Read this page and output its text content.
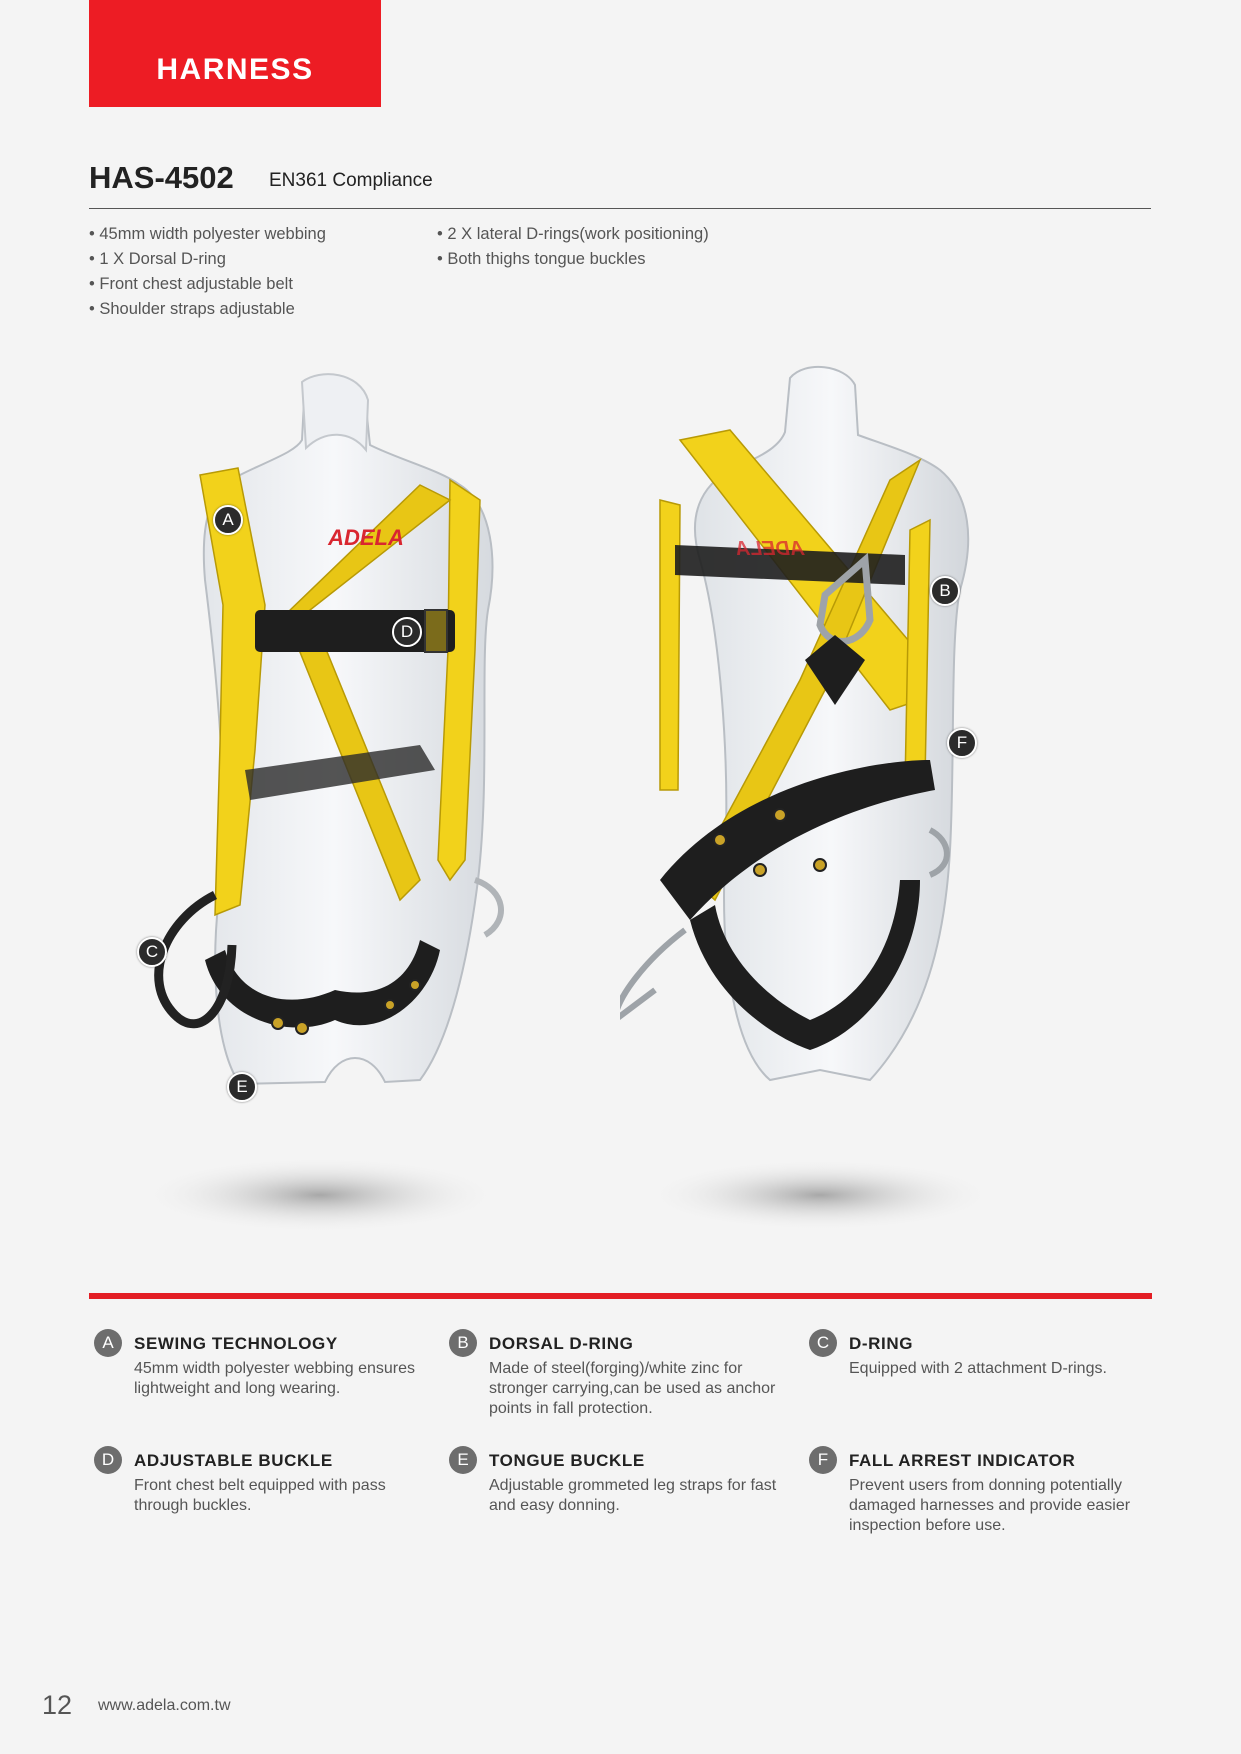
HARNESS
HAS-4502 EN361 Compliance
• 45mm width polyester webbing
• 1 X Dorsal D-ring
• Front chest adjustable belt
• Shoulder straps adjustable
• 2 X lateral D-rings(work positioning)
• Both thighs tongue buckles
ADELA
A
D
C
E
ADELA
B
F
A	SEWING TECHNOLOGY
45mm width polyester webbing ensures lightweight and long wearing.
B	DORSAL D-RING
Made of steel(forging)/white zinc for stronger carrying,can be used as anchor points in fall protection.
C	D-RING
Equipped with 2 attachment D-rings.
D	ADJUSTABLE BUCKLE
Front chest belt equipped with pass through buckles.
E	TONGUE BUCKLE
Adjustable grommeted leg straps for fast and easy donning.
F	FALL ARREST INDICATOR
Prevent users from donning potentially damaged harnesses and provide easier inspection before use.
12 www.adela.com.tw
